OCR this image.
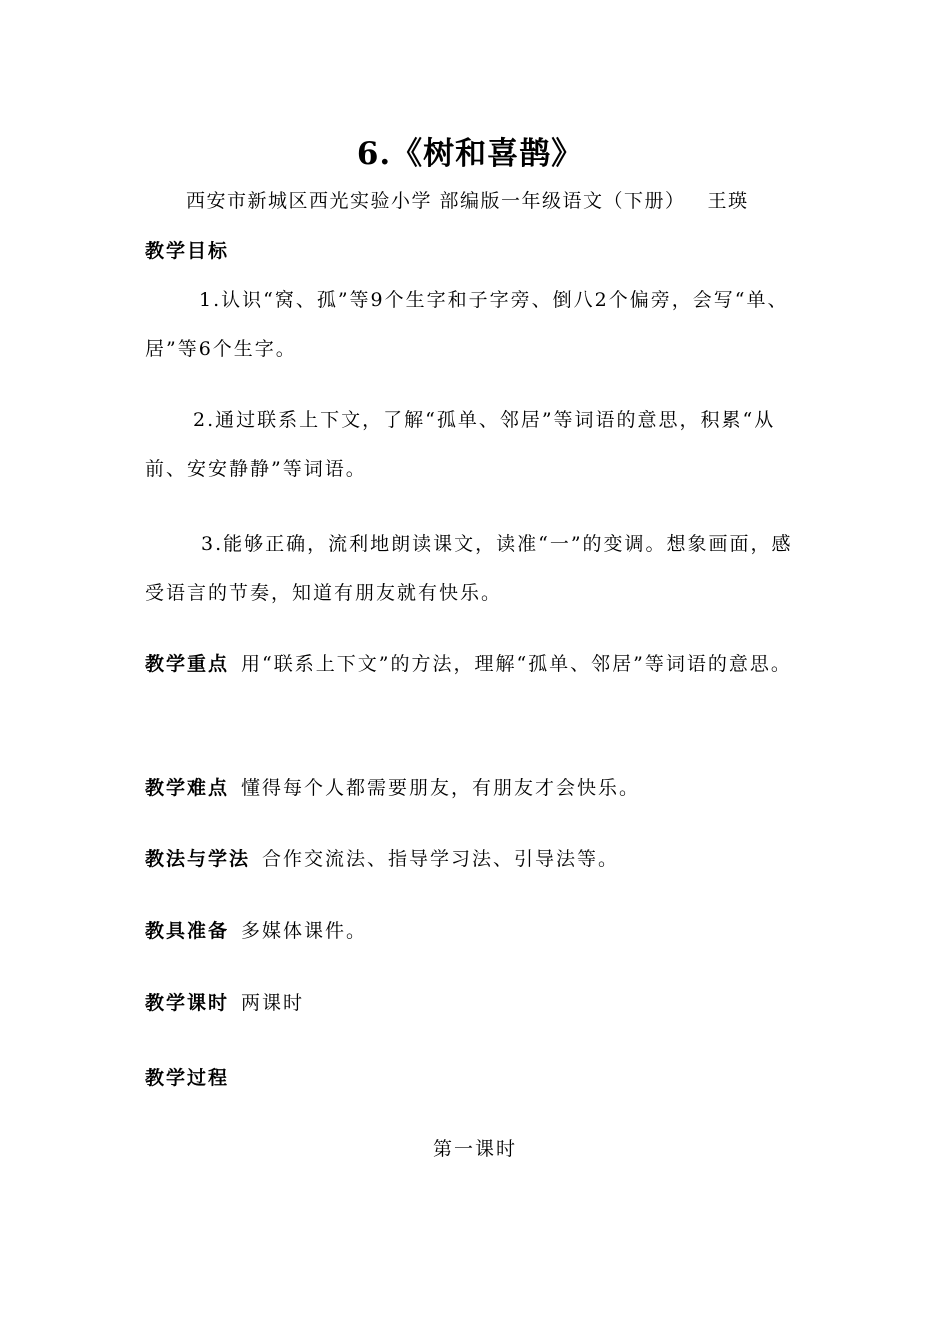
6.《树和喜鹊》
西安市新城区西光实验小学 部编版一年级语文（下册） 王瑛
教学目标
1.认识“窝、孤”等9个生字和子字旁、倒八2个偏旁，会写“单、居”等6个生字。
2.通过联系上下文，了解“孤单、邻居”等词语的意思，积累“从前、安安静静”等词语。
3.能够正确，流利地朗读课文，读准“一”的变调。想象画面，感受语言的节奏，知道有朋友就有快乐。
教学重点 用“联系上下文”的方法，理解“孤单、邻居”等词语的意思。
教学难点 懂得每个人都需要朋友，有朋友才会快乐。
教法与学法 合作交流法、指导学习法、引导法等。
教具准备 多媒体课件。
教学课时 两课时
教学过程
第一课时
